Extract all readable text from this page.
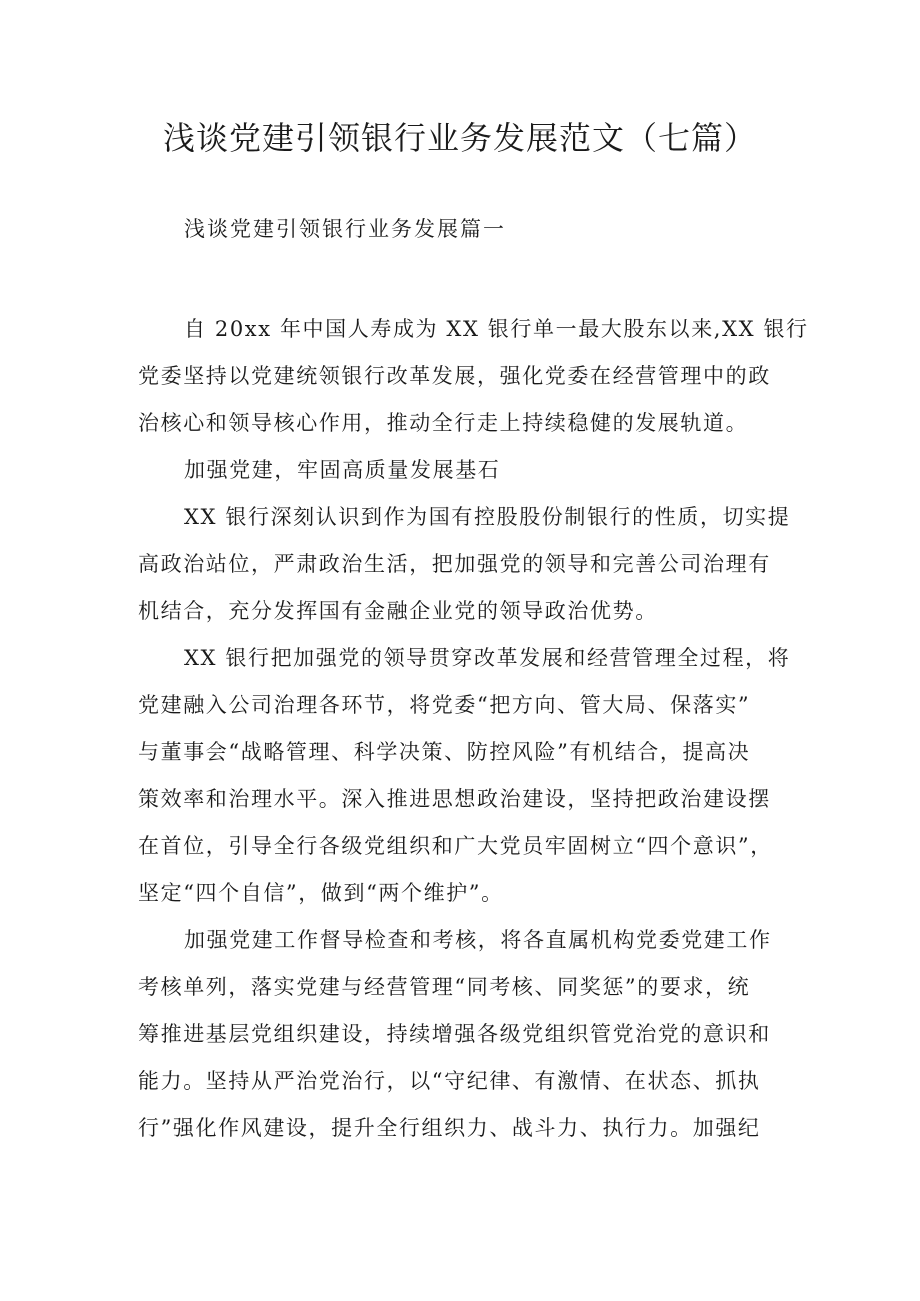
浅谈党建引领银行业务发展范文（七篇）

浅谈党建引领银行业务发展篇一

自 20xx 年中国人寿成为 XX 银行单一最大股东以来,XX 银行

党委坚持以党建统领银行改革发展，强化党委在经营管理中的政

治核心和领导核心作用，推动全行走上持续稳健的发展轨道。

加强党建，牢固高质量发展基石

XX 银行深刻认识到作为国有控股股份制银行的性质，切实提

高政治站位，严肃政治生活，把加强党的领导和完善公司治理有

机结合，充分发挥国有金融企业党的领导政治优势。

XX 银行把加强党的领导贯穿改革发展和经营管理全过程，将

党建融入公司治理各环节，将党委“把方向、管大局、保落实”

与董事会“战略管理、科学决策、防控风险”有机结合，提高决

策效率和治理水平。深入推进思想政治建设，坚持把政治建设摆

在首位，引导全行各级党组织和广大党员牢固树立“四个意识”，

坚定“四个自信”，做到“两个维护”。

加强党建工作督导检查和考核，将各直属机构党委党建工作

考核单列，落实党建与经营管理“同考核、同奖惩”的要求，统

筹推进基层党组织建设，持续增强各级党组织管党治党的意识和

能力。坚持从严治党治行，以“守纪律、有激情、在状态、抓执

行”强化作风建设，提升全行组织力、战斗力、执行力。加强纪
